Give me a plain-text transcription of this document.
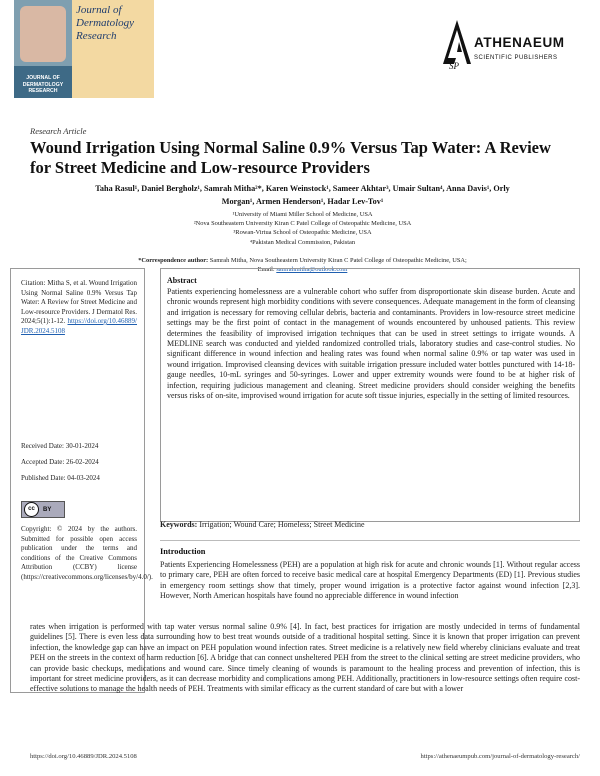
JOURNAL OF DERMATOLOGY RESEARCH
Journal of
Dermatology
Research
SP
ATHENAEUM
SCIENTIFIC PUBLISHERS
Research Article
Wound Irrigation Using Normal Saline 0.9% Versus Tap Water: A Review for Street Medicine and Low-resource Providers
Taha Rasul¹, Daniel Bergholz¹, Samrah Mitha²*, Karen Weinstock¹, Sameer Akhtar³, Umair Sultan⁴, Anna Davis¹, Orly
Morgan¹, Armen Henderson¹, Hadar Lev-Tov¹
¹University of Miami Miller School of Medicine, USA
²Nova Southeastern University Kiran C Patel College of Osteopathic Medicine, USA
³Rowan-Virtua School of Osteopathic Medicine, USA
⁴Pakistan Medical Commission, Pakistan
*Correspondence author: Samrah Mitha, Nova Southeastern University Kiran C Patel College of Osteopathic Medicine, USA;
Email: samrahmitha@outlook.com
Citation: Mitha S, et al. Wound Irrigation Using Normal Saline 0.9% Versus Tap Water: A Review for Street Medicine and Low-resource Providers. J Dermatol Res. 2024;5(1):1-12. https://doi.org/10.46889/JDR.2024.5108
Received Date: 30-01-2024
Accepted Date: 26-02-2024
Published Date: 04-03-2024
cc	BY
Copyright: © 2024 by the authors. Submitted for possible open access publication under the terms and conditions of the Creative Commons Attribution (CCBY) license (https://creativecommons.org/licenses/by/4.0/).
Abstract
Patients experiencing homelessness are a vulnerable cohort who suffer from disproportionate skin disease burden. Acute and chronic wounds represent high morbidity conditions with severe consequences. Adequate management in the form of cleansing and irrigation is necessary for removing cellular debris, bacteria and contaminants. Providers in low-resource street medicine settings may be the first point of contact in the management of wounds encountered by unhoused patients. This review determines the feasibility of improvised irrigation techniques that can be used in street settings to irrigate wounds. A MEDLINE search was conducted and yielded randomized controlled trials, laboratory studies and case-control studies. No significant difference in wound infection and healing rates was found when normal saline 0.9% or tap water was used in wound irrigation. Improvised cleansing devices with suitable irrigation pressure included water bottles punctured with 14-18-gauge needles, 10-mL syringes and 50-syringes. Lower and upper extremity wounds were found to be at higher risk of infection, requiring judicious management and cleaning. Street medicine providers should consider weighing the benefits versus risks of on-site, improvised wound irrigation for acute soft tissue injuries, especially in the setting of limited resources.
Keywords: Irrigation; Wound Care; Homeless; Street Medicine
Introduction
Patients Experiencing Homelessness (PEH) are a population at high risk for acute and chronic wounds [1]. Without regular access to primary care, PEH are often forced to receive basic medical care at hospital Emergency Departments (ED) [1]. Previous studies in emergency room settings show that timely, proper wound irrigation is a protective factor against wound infection [2,3]. However, North American hospitals have found no appreciable difference in wound infection
rates when irrigation is performed with tap water versus normal saline 0.9% [4]. In fact, best practices for irrigation are mostly undecided in terms of fundamental guidelines [5]. There is even less data surrounding how to best treat wounds outside of a traditional hospital setting. Since it is known that proper irrigation can prevent infection, the knowledge gap can have an impact on PEH population wound infection rates. Street medicine is a relatively new field whereby clinicians evaluate and treat PEH on the streets in the context of harm reduction [6]. A bridge that can connect unsheltered PEH from the street to the clinical setting are street medicine providers, who can provide basic checkups, medications and wound care. Since timely cleaning of wounds is paramount to the healing process and prevention of infection, this is important for street medicine providers, as it can decrease morbidity and complications among PEH. Additionally, practitioners in low-resource settings often require cost-effective solutions to manage the health needs of PEH. Treatments with similar efficacy as the current standard of care but with a lower
https://doi.org/10.46889/JDR.2024.5108	https://athenaeumpub.com/journal-of-dermatology-research/
